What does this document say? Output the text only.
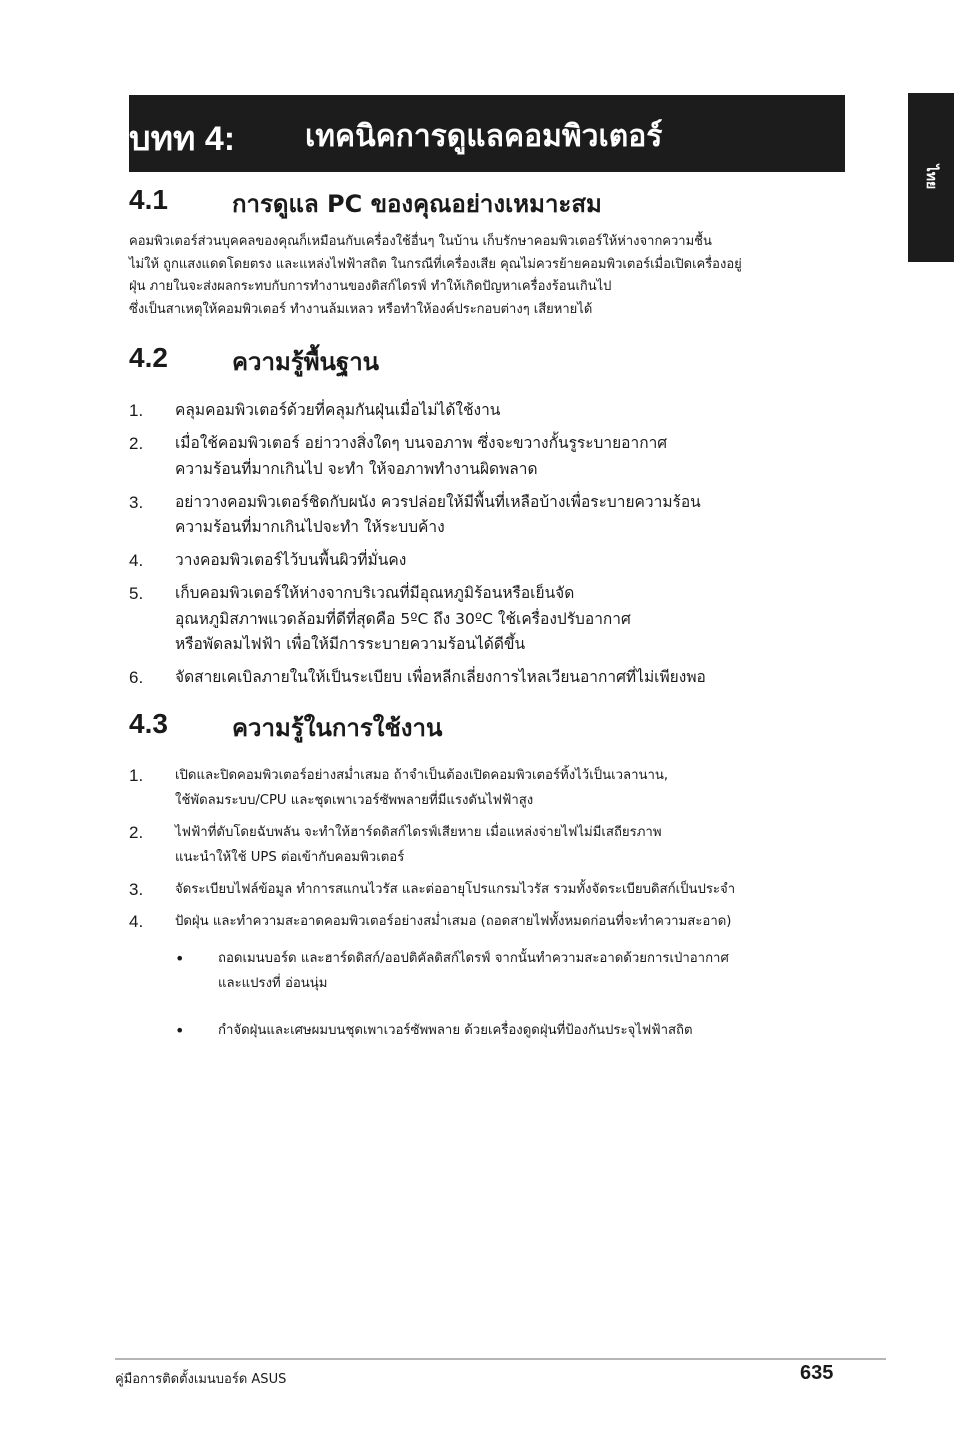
ไทย
บทท 4: เทคนิคการดูแลคอมพิวเตอร์
4.1	การดูแล PC ของคุณอย่างเหมาะสม
คอมพิวเตอร์ส่วนบุคคลของคุณก็เหมือนกับเครื่องใช้อื่นๆ ในบ้าน เก็บรักษาคอมพิวเตอร์ให้ห่างจากความชื้น
ไม่ให้ ถูกแสงแดดโดยตรง และแหล่งไฟฟ้าสถิต ในกรณีที่เครื่องเสีย คุณไม่ควรย้ายคอมพิวเตอร์เมื่อเปิดเครื่องอยู่
ฝุ่น ภายในจะส่งผลกระทบกับการทำงานของดิสก์ไดรฟ์ ทำให้เกิดปัญหาเครื่องร้อนเกินไป
ซึ่งเป็นสาเหตุให้คอมพิวเตอร์ ทำงานล้มเหลว หรือทำให้องค์ประกอบต่างๆ เสียหายได้
4.2	ความรู้พื้นฐาน
1.	คลุมคอมพิวเตอร์ด้วยที่คลุมกันฝุ่นเมื่อไม่ได้ใช้งาน
2.	เมื่อใช้คอมพิวเตอร์ อย่าวางสิ่งใดๆ บนจอภาพ ซึ่งจะขวางกั้นรูระบายอากาศ
ความร้อนที่มากเกินไป จะทำ ให้จอภาพทำงานผิดพลาด
3.	อย่าวางคอมพิวเตอร์ชิดกับผนัง ควรปล่อยให้มีพื้นที่เหลือบ้างเพื่อระบายความร้อน
ความร้อนที่มากเกินไปจะทำ ให้ระบบค้าง
4.	วางคอมพิวเตอร์ไว้บนพื้นผิวที่มั่นคง
5.	เก็บคอมพิวเตอร์ให้ห่างจากบริเวณที่มีอุณหภูมิร้อนหรือเย็นจัด
อุณหภูมิสภาพแวดล้อมที่ดีที่สุดคือ 5ºC ถึง 30ºC ใช้เครื่องปรับอากาศ
หรือพัดลมไฟฟ้า เพื่อให้มีการระบายความร้อนได้ดีขึ้น
6.	จัดสายเคเบิลภายในให้เป็นระเบียบ เพื่อหลีกเลี่ยงการไหลเวียนอากาศที่ไม่เพียงพอ
4.3	ความรู้ในการใช้งาน
1.	เปิดและปิดคอมพิวเตอร์อย่างสม่ำเสมอ ถ้าจำเป็นต้องเปิดคอมพิวเตอร์ทิ้งไว้เป็นเวลานาน,
ใช้พัดลมระบบ/CPU และชุดเพาเวอร์ซัพพลายที่มีแรงดันไฟฟ้าสูง
2.	ไฟฟ้าที่ดับโดยฉับพลัน จะทำให้ฮาร์ดดิสก์ไดรฟ์เสียหาย เมื่อแหล่งจ่ายไฟไม่มีเสถียรภาพ
แนะนำให้ใช้ UPS ต่อเข้ากับคอมพิวเตอร์
3.	จัดระเบียบไฟล์ข้อมูล ทำการสแกนไวรัส และต่ออายุโปรแกรมไวรัส รวมทั้งจัดระเบียบดิสก์เป็นประจำ
4.	ปัดฝุ่น และทำความสะอาดคอมพิวเตอร์อย่างสม่ำเสมอ (ถอดสายไฟทั้งหมดก่อนที่จะทำความสะอาด)
•	ถอดเมนบอร์ด และฮาร์ดดิสก์/ออปติคัลดิสก์ไดรฟ์ จากนั้นทำความสะอาดด้วยการเป่าอากาศ
และแปรงที่ อ่อนนุ่ม
•	กำจัดฝุ่นและเศษผมบนชุดเพาเวอร์ซัพพลาย ด้วยเครื่องดูดฝุ่นที่ป้องกันประจุไฟฟ้าสถิต
คู่มือการติดตั้งเมนบอร์ด ASUS	635
